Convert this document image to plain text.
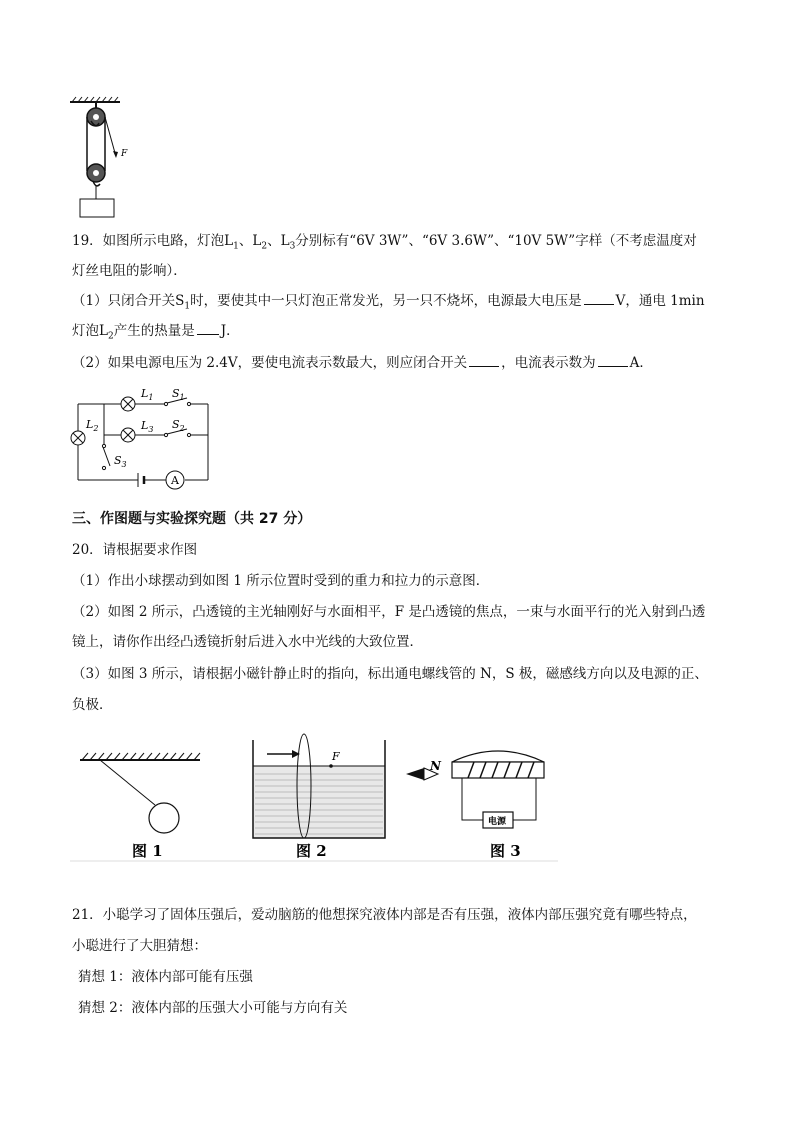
F
19．如图所示电路，灯泡$L_1$、$L_2$、$L_3$分别标有“6V 3W”、“6V 3.6W”、“10V 5W”字样（不考虑温度对
灯丝电阻的影响）．
（1）只闭合开关$S_1$时，要使其中一只灯泡正常发光，另一只不烧坏，电源最大电压是	V，通电 1min
灯泡$L_2$产生的热量是 J．
（2）如果电源电压为 2.4V，要使电流表示数最大，则应闭合开关	，电流表示数为	A．
A
$L_1$
$L_3$
$L_2$
$S_1$
$S_2$
$S_3$
三、作图题与实验探究题（共 27 分）
20．请根据要求作图
（1）作出小球摆动到如图 1 所示位置时受到的重力和拉力的示意图．
（2）如图 2 所示，凸透镜的主光轴刚好与水面相平，F 是凸透镜的焦点，一束与水面平行的光入射到凸透
镜上，请你作出经凸透镜折射后进入水中光线的大致位置．
（3）如图 3 所示，请根据小磁针静止时的指向，标出通电螺线管的 N，S 极，磁感线方向以及电源的正、
负极．
F
N
电源
图 1	图 2	图 3
21．小聪学习了固体压强后，爱动脑筋的他想探究液体内部是否有压强，液体内部压强究竟有哪些特点，
小聪进行了大胆猜想：
猜想 1：液体内部可能有压强
猜想 2：液体内部的压强大小可能与方向有关
